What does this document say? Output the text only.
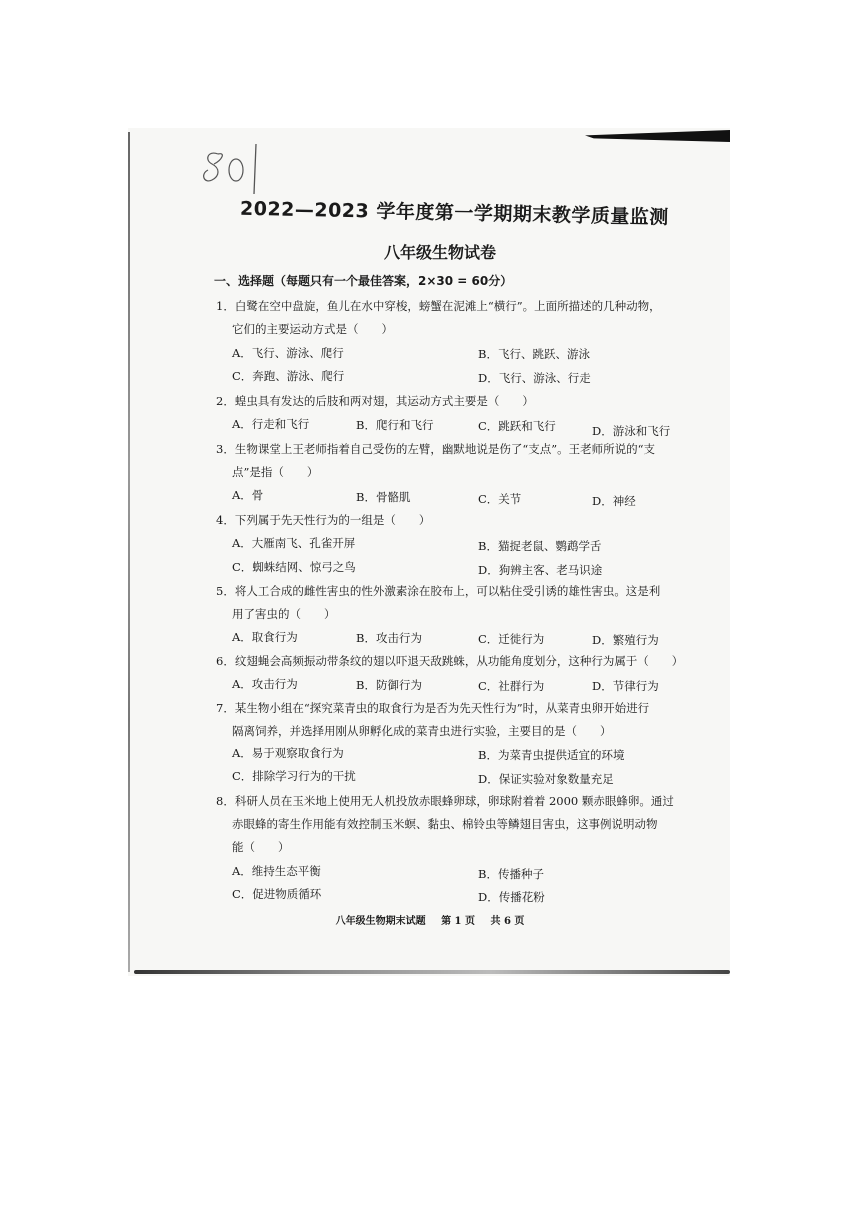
2022—2023 学年度第一学期期末教学质量监测
八年级生物试卷
一、选择题（每题只有一个最佳答案，2×30 = 60分）
1．白鹭在空中盘旋，鱼儿在水中穿梭，螃蟹在泥滩上“横行”。上面所描述的几种动物，
它们的主要运动方式是（　　）
A．飞行、游泳、爬行	B．飞行、跳跃、游泳
C．奔跑、游泳、爬行	D．飞行、游泳、行走
2．蝗虫具有发达的后肢和两对翅，其运动方式主要是（　　）
A．行走和飞行	B．爬行和飞行	C．跳跃和飞行	D．游泳和飞行
3．生物课堂上王老师指着自己受伤的左臂，幽默地说是伤了“支点”。王老师所说的“支
点”是指（　　）
A．骨	B．骨骼肌	C．关节	D．神经
4．下列属于先天性行为的一组是（　　）
A．大雁南飞、孔雀开屏	B．猫捉老鼠、鹦鹉学舌
C．蜘蛛结网、惊弓之鸟	D．狗辨主客、老马识途
5．将人工合成的雌性害虫的性外激素涂在胶布上，可以粘住受引诱的雄性害虫。这是利
用了害虫的（　　）
A．取食行为	B．攻击行为	C．迁徙行为	D．繁殖行为
6．纹翅蝇会高频振动带条纹的翅以吓退天敌跳蛛，从功能角度划分，这种行为属于（　　）
A．攻击行为	B．防御行为	C．社群行为	D．节律行为
7．某生物小组在“探究菜青虫的取食行为是否为先天性行为”时，从菜青虫卵开始进行
隔离饲养，并选择用刚从卵孵化成的菜青虫进行实验，主要目的是（　　）
A．易于观察取食行为	B．为菜青虫提供适宜的环境
C．排除学习行为的干扰	D．保证实验对象数量充足
8．科研人员在玉米地上使用无人机投放赤眼蜂卵球，卵球附着着 2000 颗赤眼蜂卵。通过
赤眼蜂的寄生作用能有效控制玉米螟、黏虫、棉铃虫等鳞翅目害虫，这事例说明动物
能（　　）
A．维持生态平衡	B．传播种子
C．促进物质循环	D．传播花粉
八年级生物期末试题 第 1 页 共 6 页
